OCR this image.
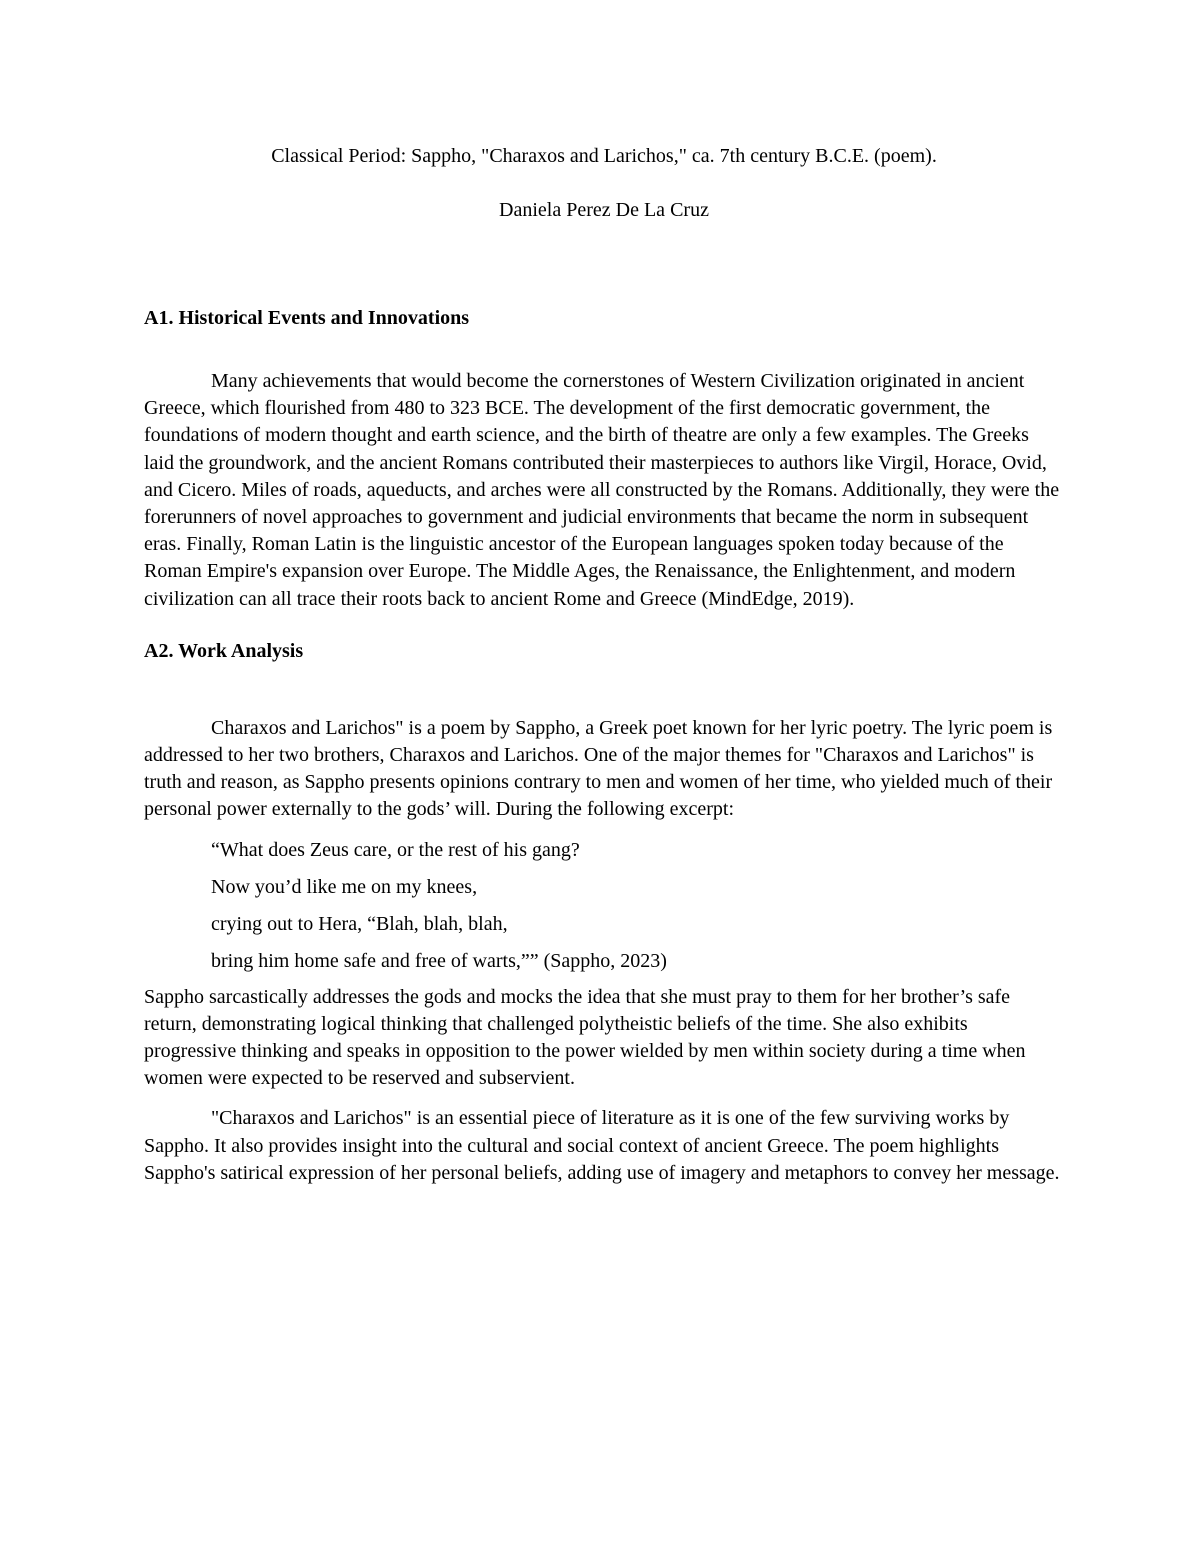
Classical Period: Sappho, "Charaxos and Larichos," ca. 7th century B.C.E. (poem).

Daniela Perez De La Cruz

A1. Historical Events and Innovations

Many achievements that would become the cornerstones of Western Civilization originated in ancient Greece, which flourished from 480 to 323 BCE. The development of the first democratic government, the foundations of modern thought and earth science, and the birth of theatre are only a few examples. The Greeks laid the groundwork, and the ancient Romans contributed their masterpieces to authors like Virgil, Horace, Ovid, and Cicero. Miles of roads, aqueducts, and arches were all constructed by the Romans. Additionally, they were the forerunners of novel approaches to government and judicial environments that became the norm in subsequent eras. Finally, Roman Latin is the linguistic ancestor of the European languages spoken today because of the Roman Empire's expansion over Europe. The Middle Ages, the Renaissance, the Enlightenment, and modern civilization can all trace their roots back to ancient Rome and Greece (MindEdge, 2019).

A2. Work Analysis

Charaxos and Larichos" is a poem by Sappho, a Greek poet known for her lyric poetry. The lyric poem is addressed to her two brothers, Charaxos and Larichos. One of the major themes for "Charaxos and Larichos" is truth and reason, as Sappho presents opinions contrary to men and women of her time, who yielded much of their personal power externally to the gods’ will. During the following excerpt:

“What does Zeus care, or the rest of his gang?

Now you’d like me on my knees,

crying out to Hera, “Blah, blah, blah,

bring him home safe and free of warts,”” (Sappho, 2023)

Sappho sarcastically addresses the gods and mocks the idea that she must pray to them for her brother’s safe return, demonstrating logical thinking that challenged polytheistic beliefs of the time. She also exhibits progressive thinking and speaks in opposition to the power wielded by men within society during a time when women were expected to be reserved and subservient.

"Charaxos and Larichos" is an essential piece of literature as it is one of the few surviving works by Sappho. It also provides insight into the cultural and social context of ancient Greece. The poem highlights Sappho's satirical expression of her personal beliefs, adding use of imagery and metaphors to convey her message.
